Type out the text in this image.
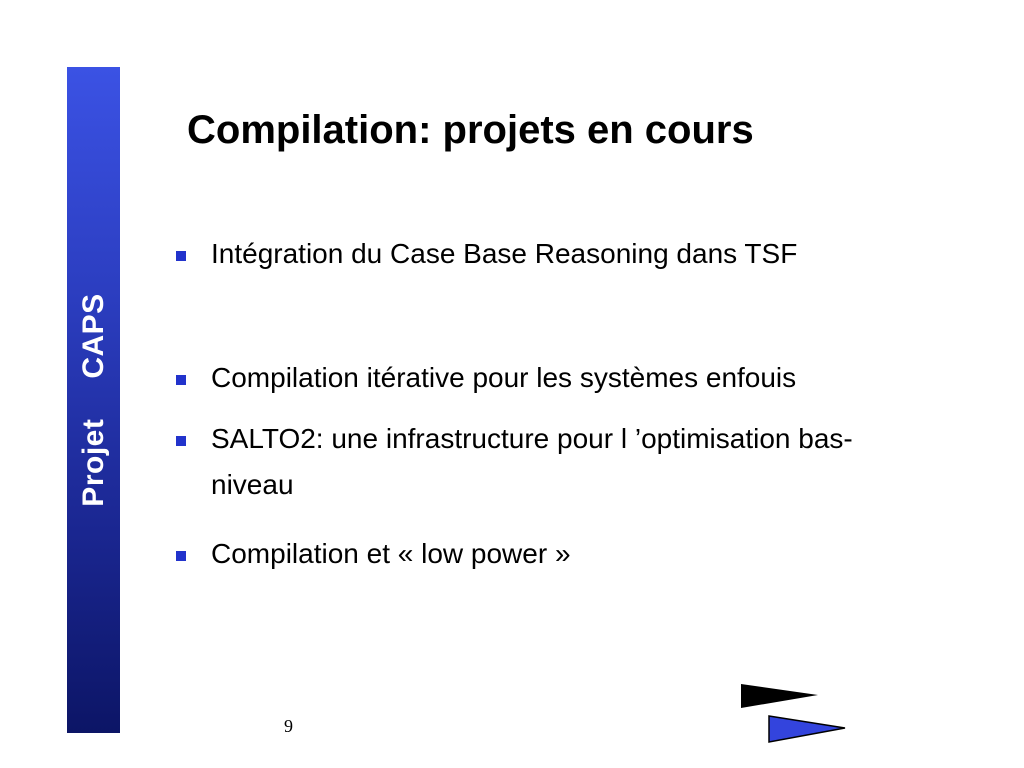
ProjetCAPS
Compilation: projets en cours
Intégration du Case Base Reasoning dans TSF
Compilation itérative pour les systèmes enfouis
SALTO2: une infrastructure pour l ’optimisation bas-niveau
Compilation et « low power »
9
